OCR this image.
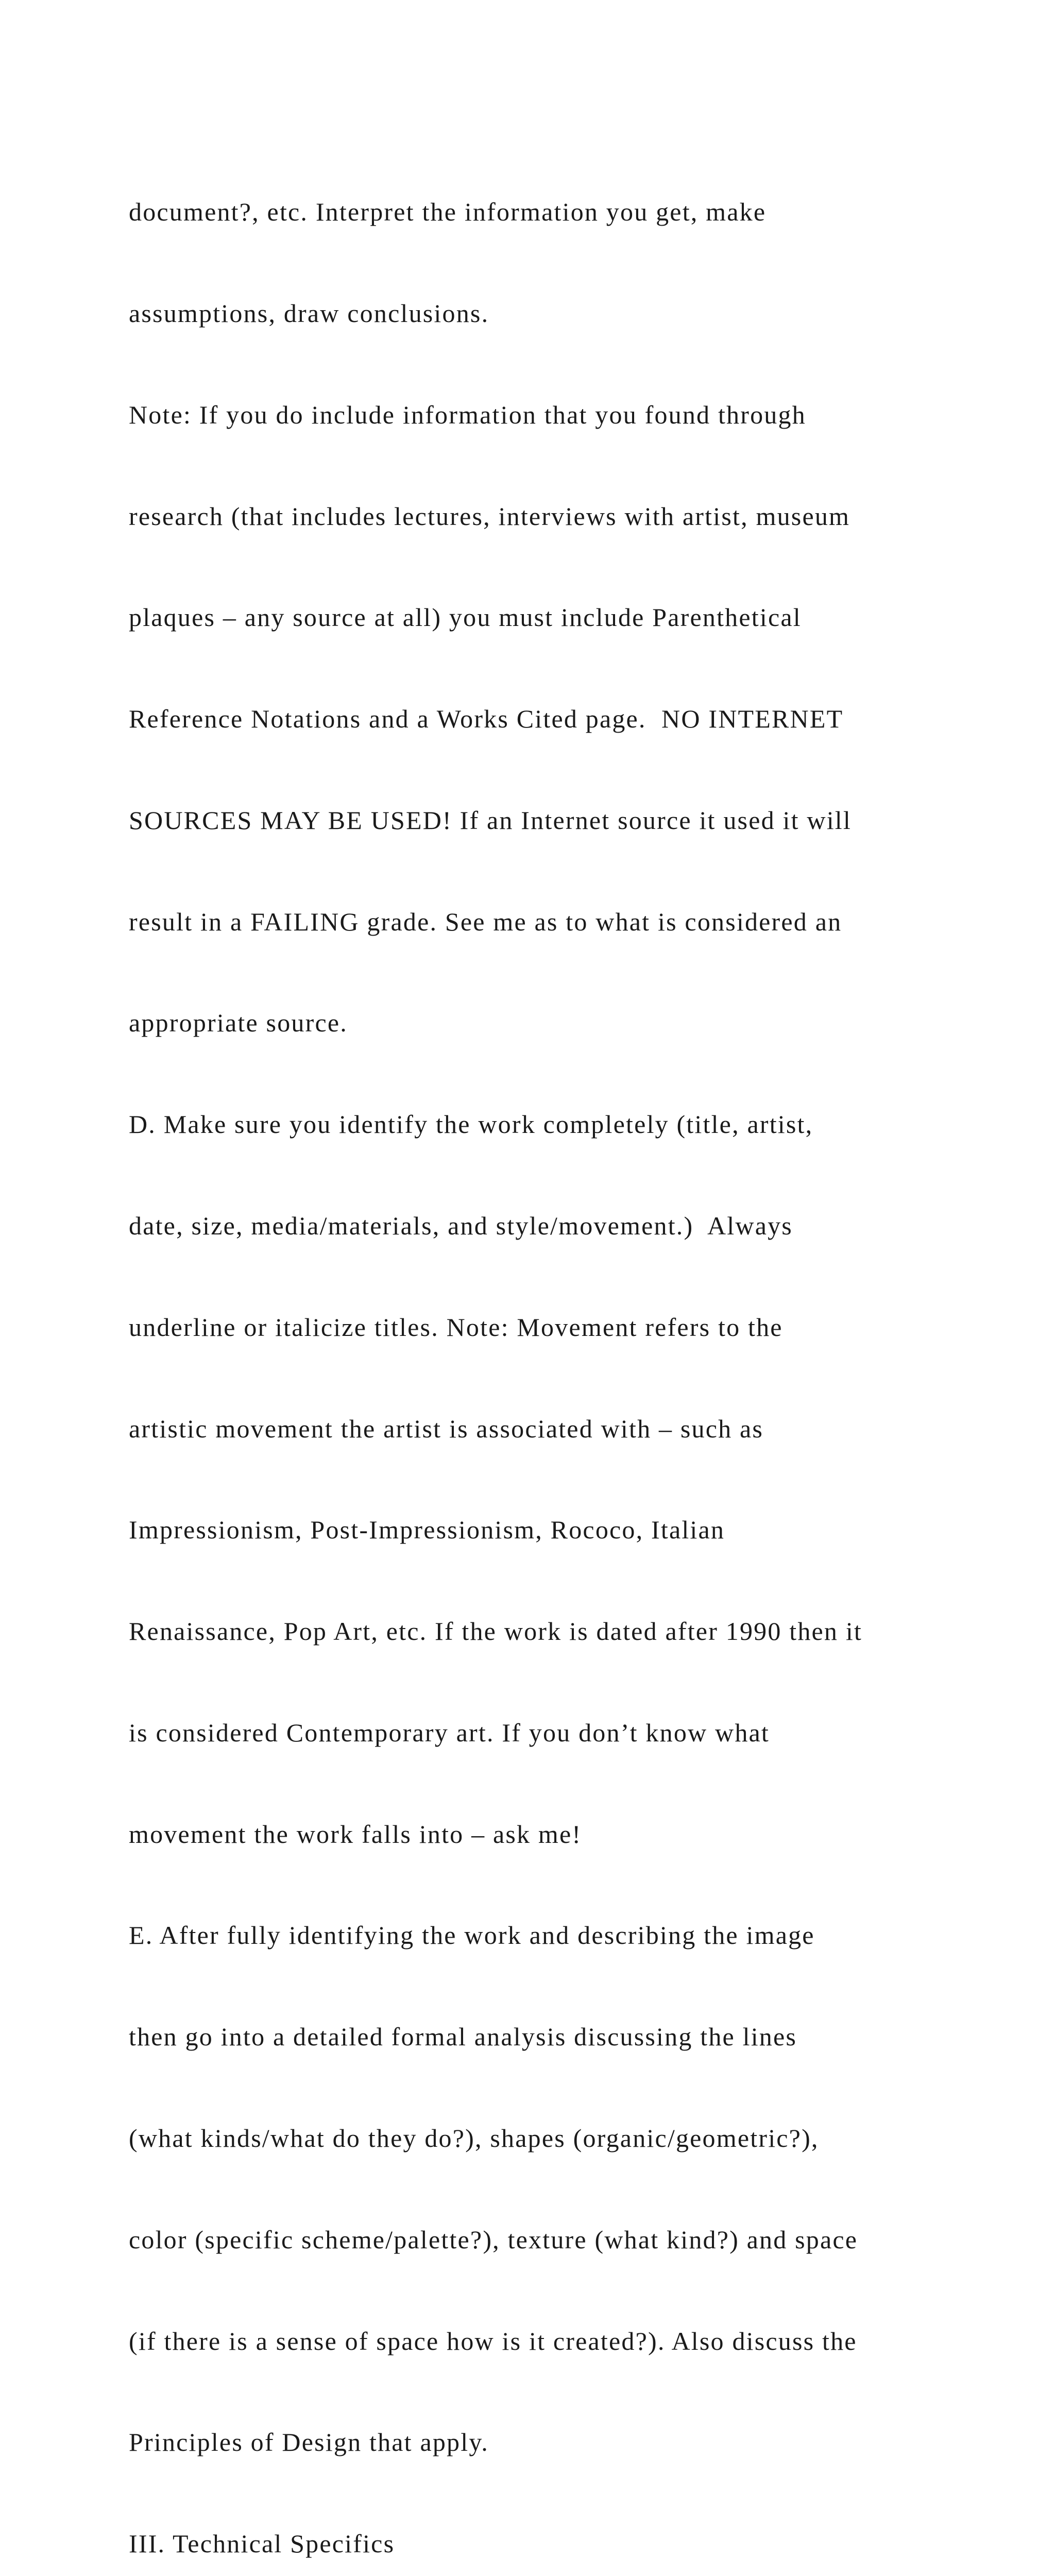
document?, etc. Interpret the information you get, make

assumptions, draw conclusions.

Note: If you do include information that you found through

research (that includes lectures, interviews with artist, museum

plaques – any source at all) you must include Parenthetical

Reference Notations and a Works Cited page.  NO INTERNET

SOURCES MAY BE USED! If an Internet source it used it will

result in a FAILING grade. See me as to what is considered an

appropriate source.

D. Make sure you identify the work completely (title, artist,

date, size, media/materials, and style/movement.)  Always

underline or italicize titles. Note: Movement refers to the

artistic movement the artist is associated with – such as

Impressionism, Post-Impressionism, Rococo, Italian

Renaissance, Pop Art, etc. If the work is dated after 1990 then it

is considered Contemporary art. If you don’t know what

movement the work falls into – ask me!

E. After fully identifying the work and describing the image

then go into a detailed formal analysis discussing the lines

(what kinds/what do they do?), shapes (organic/geometric?),

color (specific scheme/palette?), texture (what kind?) and space

(if there is a sense of space how is it created?). Also discuss the

Principles of Design that apply.

III. Technical Specifics
